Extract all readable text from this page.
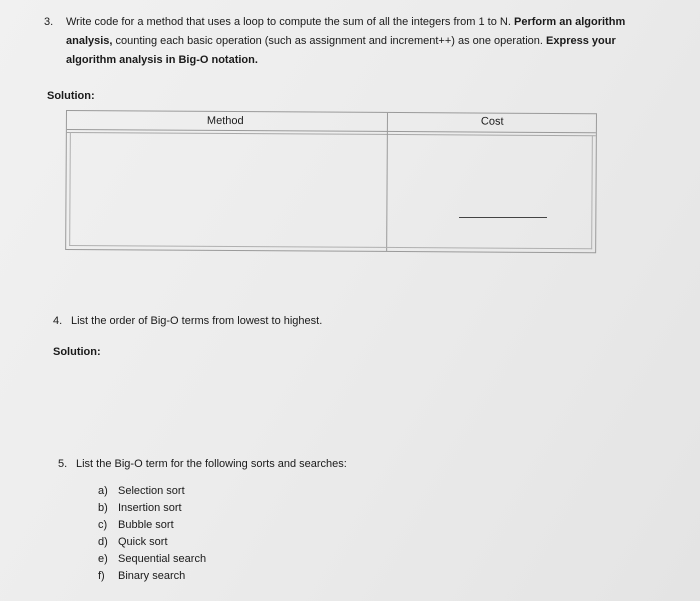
3. Write code for a method that uses a loop to compute the sum of all the integers from 1 to N. Perform an algorithm
analysis, counting each basic operation (such as assignment and increment++) as one operation. Express your
algorithm analysis in Big-O notation.
Solution:
Method	Cost
4. List the order of Big-O terms from lowest to highest.
Solution:
5. List the Big-O term for the following sorts and searches:
a) Selection sort
b) Insertion sort
c) Bubble sort
d) Quick sort
e) Sequential search
f) Binary search
